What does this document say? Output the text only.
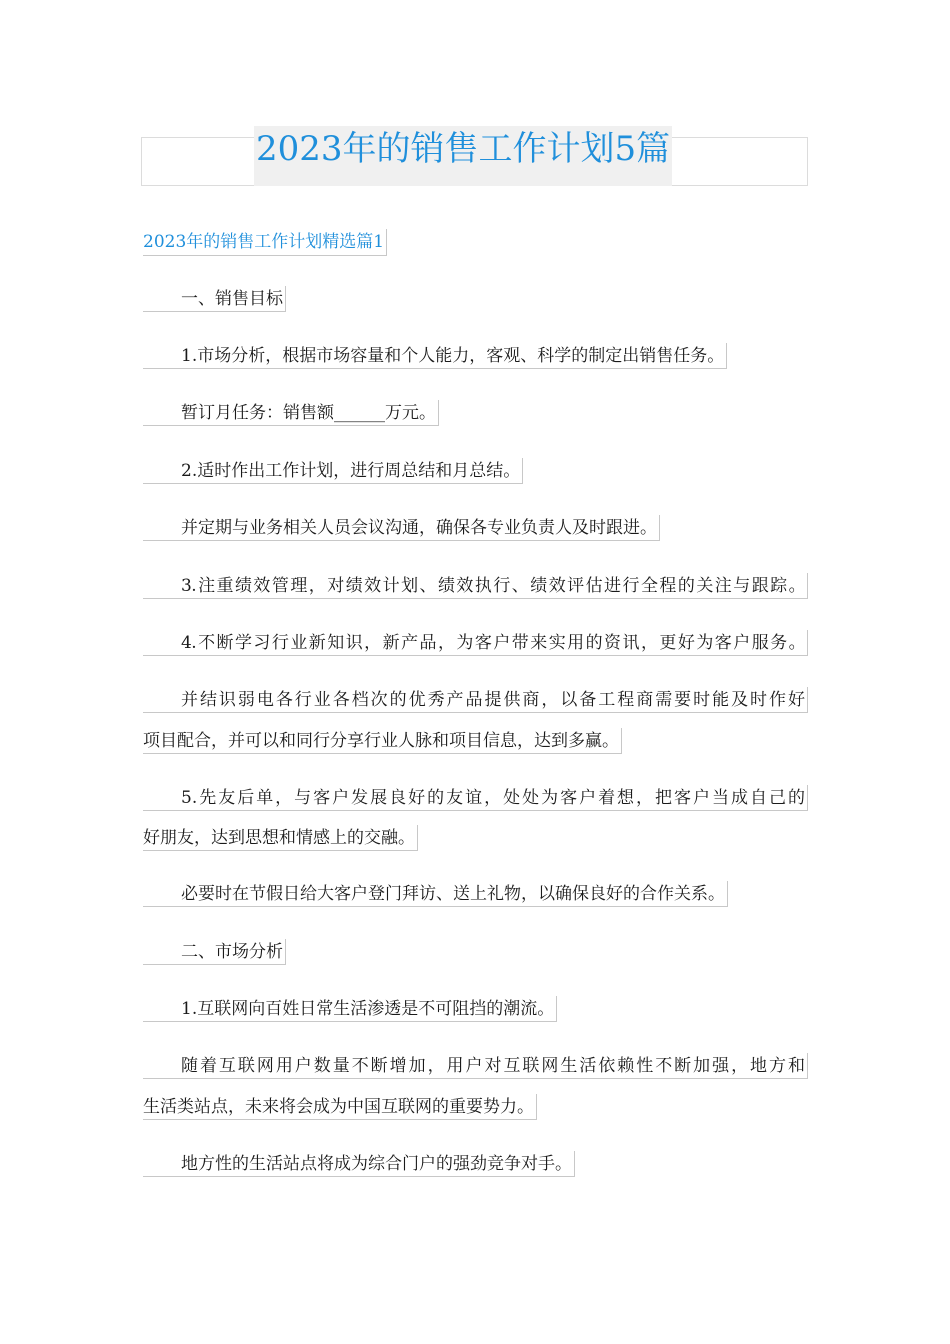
2023年的销售工作计划5篇
2023年的销售工作计划精选篇1
一、销售目标
1.市场分析，根据市场容量和个人能力，客观、科学的制定出销售任务。
暂订月任务：销售额______万元。
2.适时作出工作计划，进行周总结和月总结。
并定期与业务相关人员会议沟通，确保各专业负责人及时跟进。
3.注重绩效管理，对绩效计划、绩效执行、绩效评估进行全程的关注与跟踪。
4.不断学习行业新知识，新产品，为客户带来实用的资讯，更好为客户服务。
并结识弱电各行业各档次的优秀产品提供商，以备工程商需要时能及时作好
项目配合，并可以和同行分享行业人脉和项目信息，达到多赢。
5.先友后单，与客户发展良好的友谊，处处为客户着想，把客户当成自己的
好朋友，达到思想和情感上的交融。
必要时在节假日给大客户登门拜访、送上礼物，以确保良好的合作关系。
二、市场分析
1.互联网向百姓日常生活渗透是不可阻挡的潮流。
随着互联网用户数量不断增加，用户对互联网生活依赖性不断加强，地方和
生活类站点，未来将会成为中国互联网的重要势力。
地方性的生活站点将成为综合门户的强劲竞争对手。
